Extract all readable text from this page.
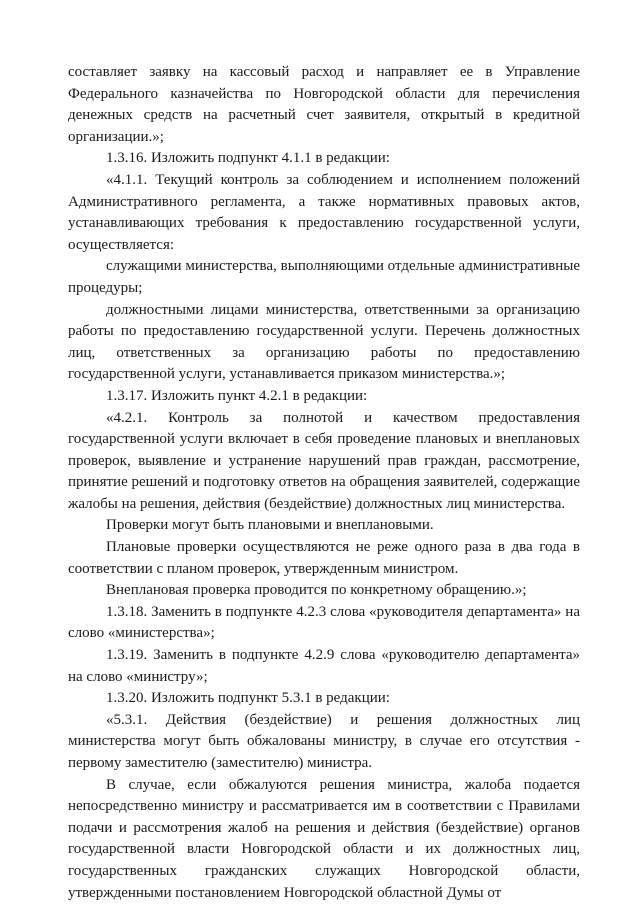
составляет заявку на кассовый расход и направляет ее в Управление Федерального казначейства по Новгородской области для перечисления денежных средств на расчетный счет заявителя, открытый в кредитной организации.»;

1.3.16. Изложить подпункт 4.1.1 в редакции:

«4.1.1. Текущий контроль за соблюдением и исполнением положений Административного регламента, а также нормативных правовых актов, устанавливающих требования к предоставлению государственной услуги, осуществляется:

служащими министерства, выполняющими отдельные административные процедуры;

должностными лицами министерства, ответственными за организацию работы по предоставлению государственной услуги. Перечень должностных лиц, ответственных за организацию работы по предоставлению государственной услуги, устанавливается приказом министерства.»;

1.3.17. Изложить пункт 4.2.1 в редакции:

«4.2.1. Контроль за полнотой и качеством предоставления государственной услуги включает в себя проведение плановых и внеплановых проверок, выявление и устранение нарушений прав граждан, рассмотрение, принятие решений и подготовку ответов на обращения заявителей, содержащие жалобы на решения, действия (бездействие) должностных лиц министерства.

Проверки могут быть плановыми и внеплановыми.

Плановые проверки осуществляются не реже одного раза в два года в соответствии с планом проверок, утвержденным министром.

Внеплановая проверка проводится по конкретному обращению.»;

1.3.18. Заменить в подпункте 4.2.3 слова «руководителя департамента» на слово «министерства»;

1.3.19. Заменить в подпункте 4.2.9 слова «руководителю департамента» на слово «министру»;

1.3.20. Изложить подпункт 5.3.1 в редакции:

«5.3.1. Действия (бездействие) и решения должностных лиц министерства могут быть обжалованы министру, в случае его отсутствия - первому заместителю (заместителю) министра.

В случае, если обжалуются решения министра, жалоба подается непосредственно министру и рассматривается им в соответствии с Правилами подачи и рассмотрения жалоб на решения и действия (бездействие) органов государственной власти Новгородской области и их должностных лиц, государственных гражданских служащих Новгородской области, утвержденными постановлением Новгородской областной Думы от
